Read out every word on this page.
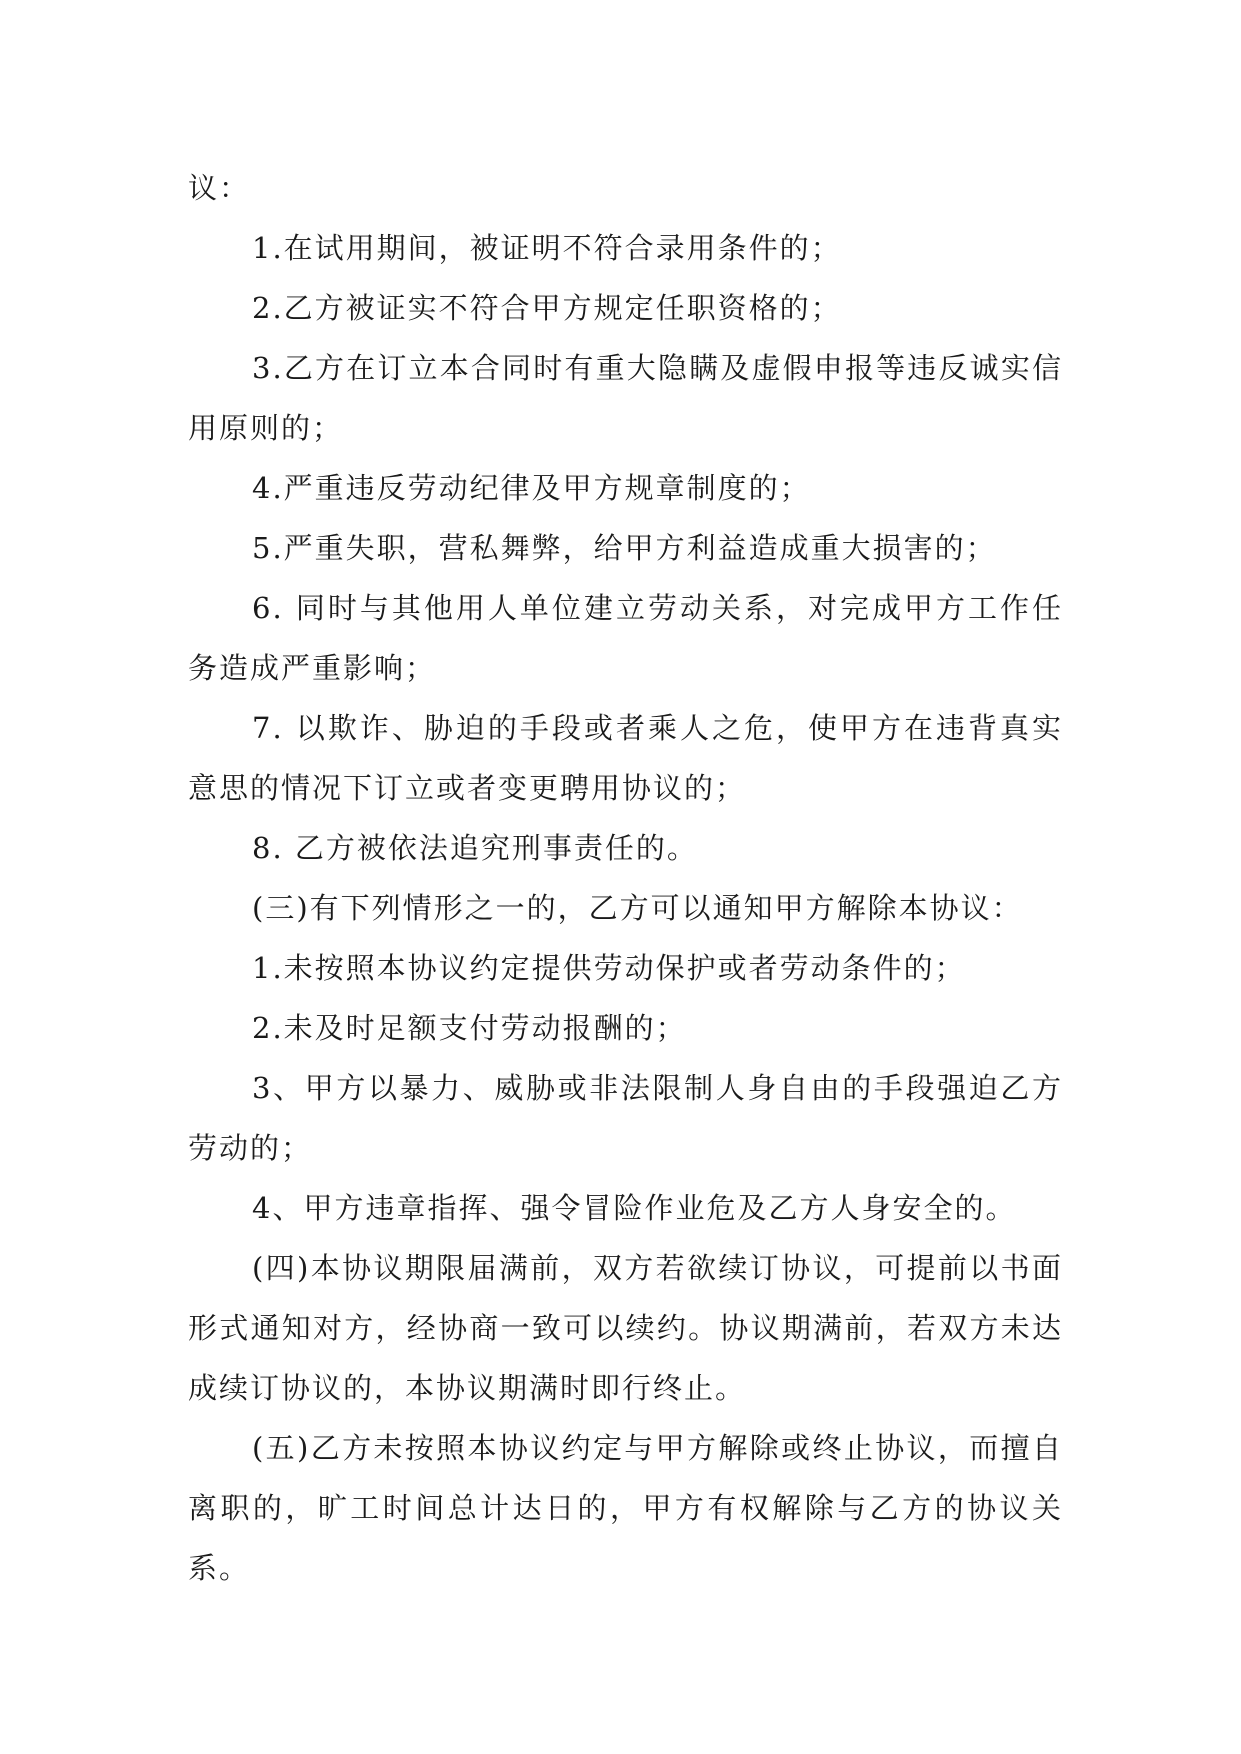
议：

1.在试用期间，被证明不符合录用条件的；

2.乙方被证实不符合甲方规定任职资格的；

3.乙方在订立本合同时有重大隐瞒及虚假申报等违反诚实信用原则的；

4.严重违反劳动纪律及甲方规章制度的；

5.严重失职，营私舞弊，给甲方利益造成重大损害的；

6. 同时与其他用人单位建立劳动关系，对完成甲方工作任务造成严重影响；

7. 以欺诈、胁迫的手段或者乘人之危，使甲方在违背真实意思的情况下订立或者变更聘用协议的；

8. 乙方被依法追究刑事责任的。

(三)有下列情形之一的，乙方可以通知甲方解除本协议：

1.未按照本协议约定提供劳动保护或者劳动条件的；

2.未及时足额支付劳动报酬的；

3、甲方以暴力、威胁或非法限制人身自由的手段强迫乙方劳动的；

4、甲方违章指挥、强令冒险作业危及乙方人身安全的。

(四)本协议期限届满前，双方若欲续订协议，可提前以书面形式通知对方，经协商一致可以续约。协议期满前，若双方未达成续订协议的，本协议期满时即行终止。

(五)乙方未按照本协议约定与甲方解除或终止协议，而擅自离职的，旷工时间总计达日的，甲方有权解除与乙方的协议关系。
